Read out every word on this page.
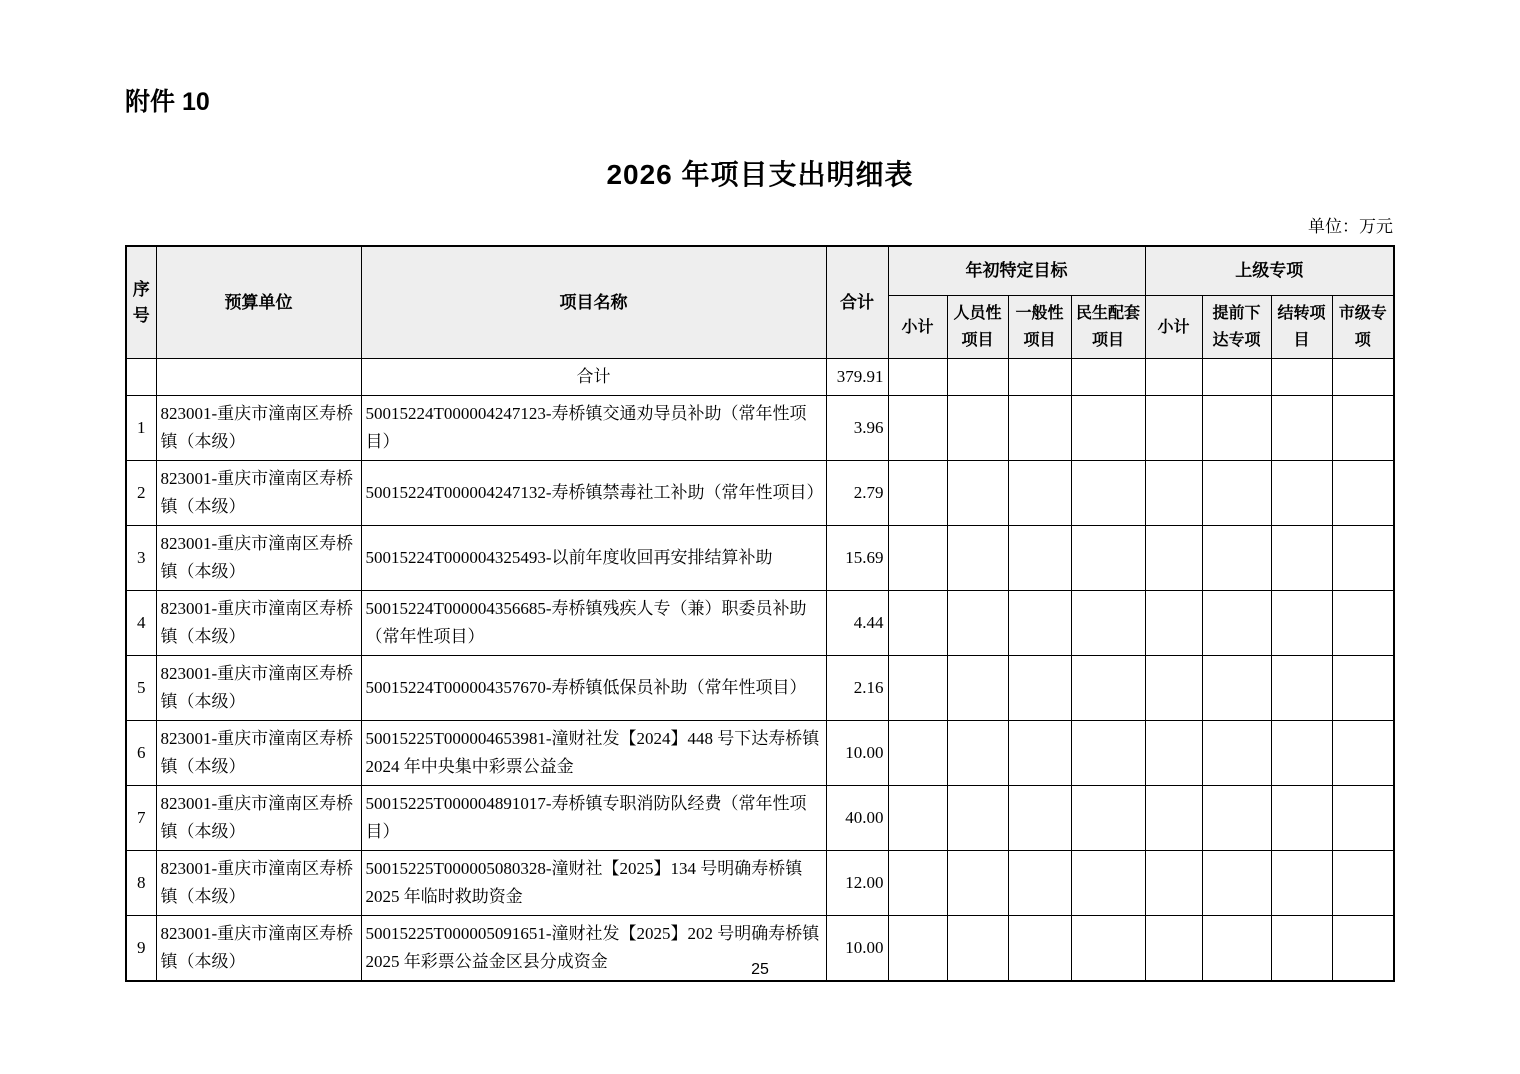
附件 10
2026 年项目支出明细表
单位：万元
序号	预算单位	项目名称	合计	年初特定目标				上级专项			
				小计	人员性项目	一般性项目	民生配套项目	小计	提前下达专项	结转项目	市级专项
		合计	379.91								
1	823001-重庆市潼南区寿桥镇（本级）	50015224T000004247123-寿桥镇交通劝导员补助（常年性项目）	3.96								
2	823001-重庆市潼南区寿桥镇（本级）	50015224T000004247132-寿桥镇禁毒社工补助（常年性项目）	2.79								
3	823001-重庆市潼南区寿桥镇（本级）	50015224T000004325493-以前年度收回再安排结算补助	15.69								
4	823001-重庆市潼南区寿桥镇（本级）	50015224T000004356685-寿桥镇残疾人专（兼）职委员补助（常年性项目）	4.44								
5	823001-重庆市潼南区寿桥镇（本级）	50015224T000004357670-寿桥镇低保员补助（常年性项目）	2.16								
6	823001-重庆市潼南区寿桥镇（本级）	50015225T000004653981-潼财社发【2024】448 号下达寿桥镇 2024 年中央集中彩票公益金	10.00								
7	823001-重庆市潼南区寿桥镇（本级）	50015225T000004891017-寿桥镇专职消防队经费（常年性项目）	40.00								
8	823001-重庆市潼南区寿桥镇（本级）	50015225T000005080328-潼财社【2025】134 号明确寿桥镇 2025 年临时救助资金	12.00								
9	823001-重庆市潼南区寿桥镇（本级）	50015225T000005091651-潼财社发【2025】202 号明确寿桥镇 2025 年彩票公益金区县分成资金	10.00								
25
